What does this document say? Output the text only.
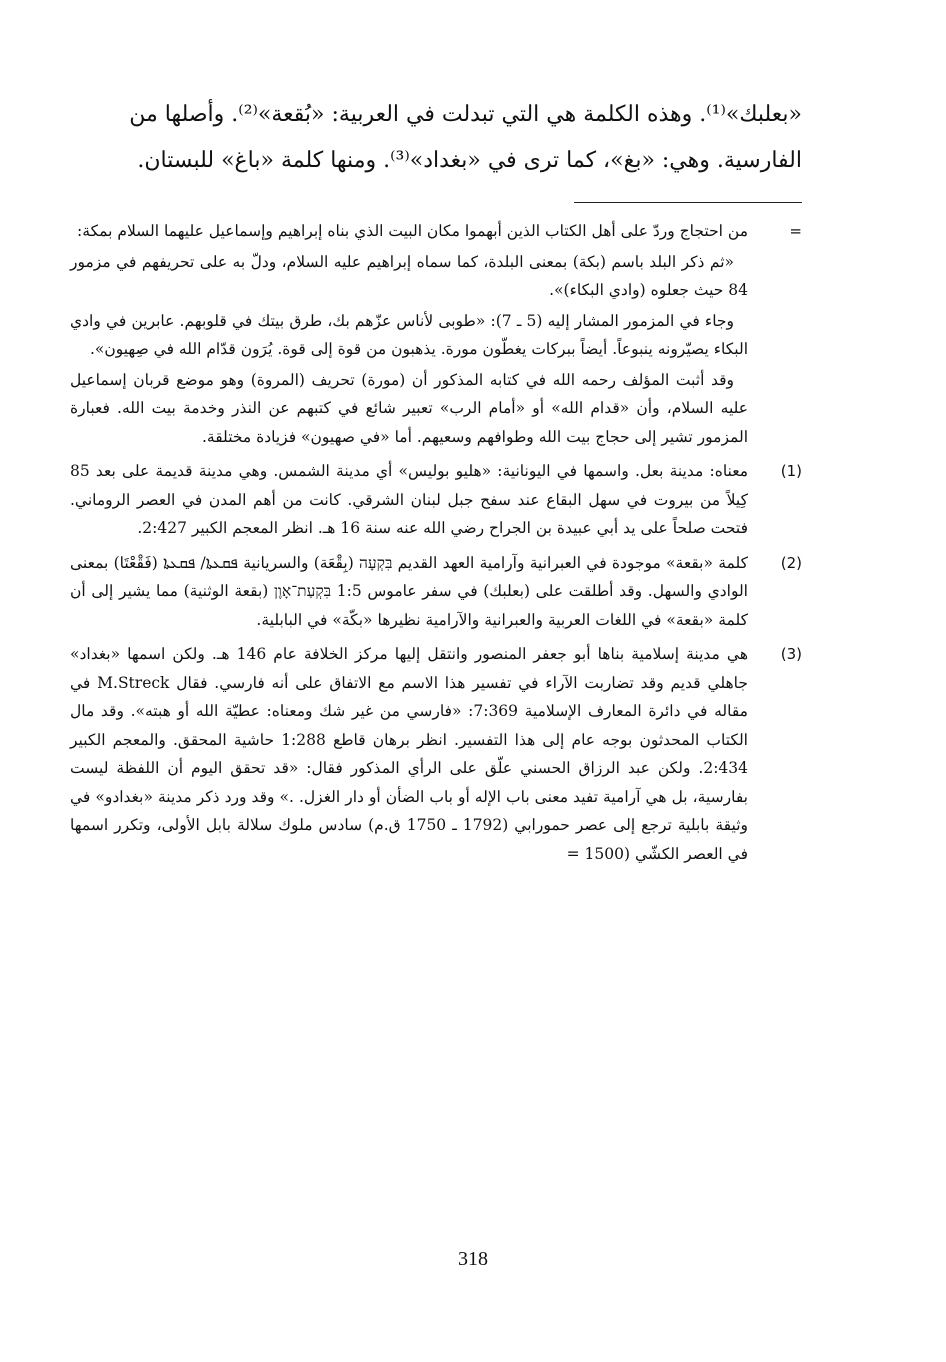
«بعلبك»⁽¹⁾. وهذه الكلمة هي التي تبدلت في العربية: «بُقعة»⁽²⁾. وأصلها من

الفارسية. وهي: «بغ»، كما ترى في «بغداد»⁽³⁾. ومنها كلمة «باغ» للبستان.

=

من احتجاج وردّ على أهل الكتاب الذين أبهموا مكان البيت الذي بناه إبراهيم وإسماعيل عليهما السلام بمكة:

«ثم ذكر البلد باسم (بكة) بمعنى البلدة، كما سماه إبراهيم عليه السلام، ودلّ به على تحريفهم في مزمور 84 حيث جعلوه (وادي البكاء)».

وجاء في المزمور المشار إليه (5 ـ 7): «طوبى لأناس عزّهم بك، طرق بيتك في قلوبهم. عابرين في وادي البكاء يصيّرونه ينبوعاً. أيضاً ببركات يغطّون مورة. يذهبون من قوة إلى قوة. يُرَون قدّام الله في صِهيون».

وقد أثبت المؤلف رحمه الله في كتابه المذكور أن (مورة) تحريف (المروة) وهو موضع قربان إسماعيل عليه السلام، وأن «قدام الله» أو «أمام الرب» تعبير شائع في كتبهم عن النذر وخدمة بيت الله. فعبارة المزمور تشير إلى حجاج بيت الله وطوافهم وسعيهم. أما «في صهيون» فزيادة مختلقة.

(1)

معناه: مدينة بعل. واسمها في اليونانية: «هليو بوليس» أي مدينة الشمس. وهي مدينة قديمة على بعد 85 كِيلاً من بيروت في سهل البقاع عند سفح جبل لبنان الشرقي. كانت من أهم المدن في العصر الروماني. فتحت صلحاً على يد أبي عبيدة بن الجراح رضي الله عنه سنة 16 هـ. انظر المعجم الكبير 2:427.

(2)

كلمة «بقعة» موجودة في العبرانية وآرامية العهد القديم בִּקְעָה (بِقْعَة) والسريانية ܦܩܥܬܐ/ ܦܩܥܬܐ (فَقْعْتَا) بمعنى الوادي والسهل. وقد أطلقت على (بعلبك) في سفر عاموس 1:5 בִּקְעַת־אָוֶן (بقعة الوثنية) مما يشير إلى أن كلمة «بقعة» في اللغات العربية والعبرانية والآرامية نظيرها «بكّة» في البابلية.

(3)

هي مدينة إسلامية بناها أبو جعفر المنصور وانتقل إليها مركز الخلافة عام 146 هـ. ولكن اسمها «بغداد» جاهلي قديم وقد تضاربت الآراء في تفسير هذا الاسم مع الاتفاق على أنه فارسي. فقال M.Streck في مقاله في دائرة المعارف الإسلامية 7:369: «فارسي من غير شك ومعناه: عطيّة الله أو هبته». وقد مال الكتاب المحدثون بوجه عام إلى هذا التفسير. انظر برهان قاطع 1:288 حاشية المحقق. والمعجم الكبير 2:434. ولكن عبد الرزاق الحسني علّق على الرأي المذكور فقال: «قد تحقق اليوم أن اللفظة ليست بفارسية، بل هي آرامية تفيد معنى باب الإله أو باب الضأن أو دار الغزل. .» وقد ورد ذكر مدينة «بغدادو» في وثيقة بابلية ترجع إلى عصر حمورابي (1792 ـ 1750 ق.م) سادس ملوك سلالة بابل الأولى، وتكرر اسمها في العصر الكشّي (1500 =

318
